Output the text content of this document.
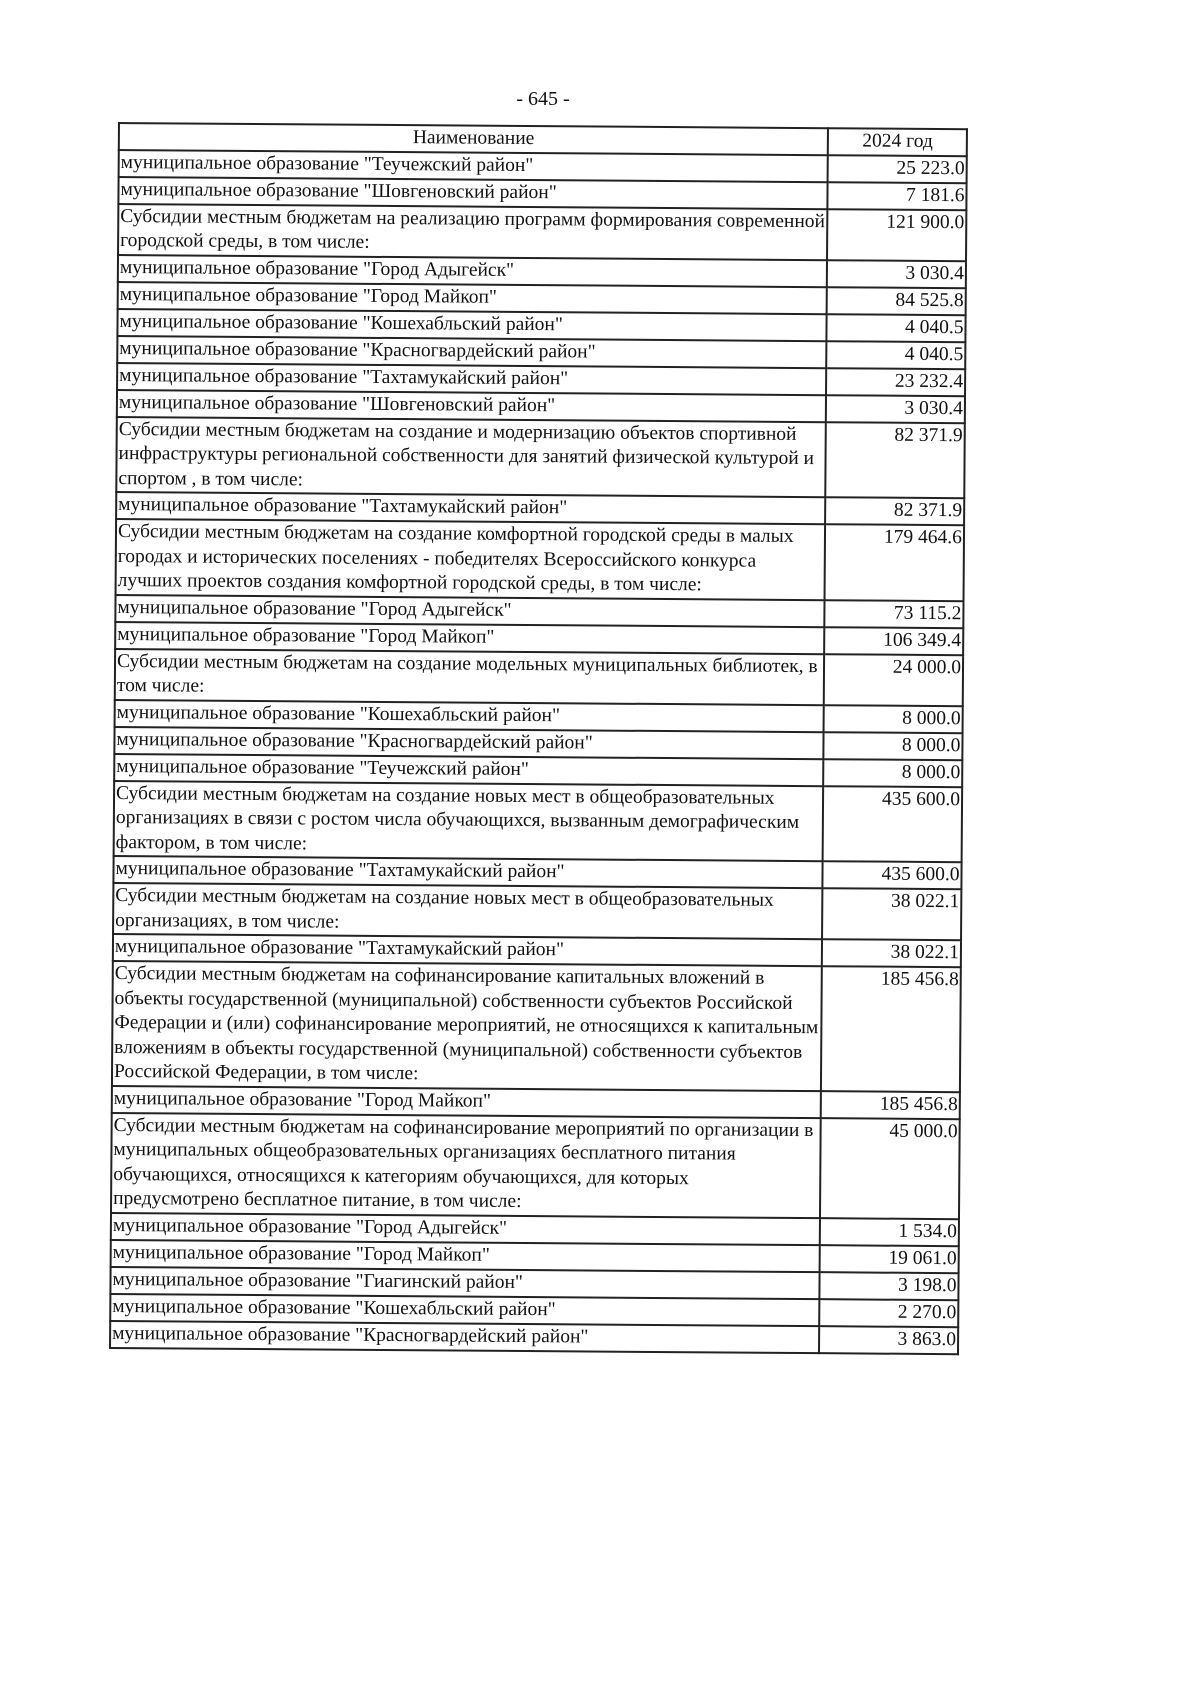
- 645 -
Наименование	2024 год
муниципальное образование "Теучежский район"	25 223.0
муниципальное образование "Шовгеновский район"	7 181.6
Субсидии местным бюджетам на реализацию программ формирования современной городской среды, в том числе:	121 900.0
муниципальное образование "Город Адыгейск"	3 030.4
муниципальное образование "Город Майкоп"	84 525.8
муниципальное образование "Кошехабльский район"	4 040.5
муниципальное образование "Красногвардейский район"	4 040.5
муниципальное образование "Тахтамукайский район"	23 232.4
муниципальное образование "Шовгеновский район"	3 030.4
Субсидии местным бюджетам на создание и модернизацию объектов спортивной инфраструктуры региональной собственности для занятий физической культурой и спортом , в том числе:	82 371.9
муниципальное образование "Тахтамукайский район"	82 371.9
Субсидии местным бюджетам на создание комфортной городской среды в малых городах и исторических поселениях - победителях Всероссийского конкурса лучших проектов создания комфортной городской среды, в том числе:	179 464.6
муниципальное образование "Город Адыгейск"	73 115.2
муниципальное образование "Город Майкоп"	106 349.4
Субсидии местным бюджетам на создание модельных муниципальных библиотек, в том числе:	24 000.0
муниципальное образование "Кошехабльский район"	8 000.0
муниципальное образование "Красногвардейский район"	8 000.0
муниципальное образование "Теучежский район"	8 000.0
Субсидии местным бюджетам на создание новых мест в общеобразовательных организациях в связи с ростом числа обучающихся, вызванным демографическим фактором, в том числе:	435 600.0
муниципальное образование "Тахтамукайский район"	435 600.0
Субсидии местным бюджетам на создание новых мест в общеобразовательных организациях, в том числе:	38 022.1
муниципальное образование "Тахтамукайский район"	38 022.1
Субсидии местным бюджетам на софинансирование капитальных вложений в объекты государственной (муниципальной) собственности субъектов Российской Федерации и (или) софинансирование мероприятий, не относящихся к капитальным вложениям в объекты государственной (муниципальной) собственности субъектов Российской Федерации, в том числе:	185 456.8
муниципальное образование "Город Майкоп"	185 456.8
Субсидии местным бюджетам на софинансирование мероприятий по организации в муниципальных общеобразовательных организациях бесплатного питания обучающихся, относящихся к категориям обучающихся, для которых предусмотрено бесплатное питание, в том числе:	45 000.0
муниципальное образование "Город Адыгейск"	1 534.0
муниципальное образование "Город Майкоп"	19 061.0
муниципальное образование "Гиагинский район"	3 198.0
муниципальное образование "Кошехабльский район"	2 270.0
муниципальное образование "Красногвардейский район"	3 863.0
